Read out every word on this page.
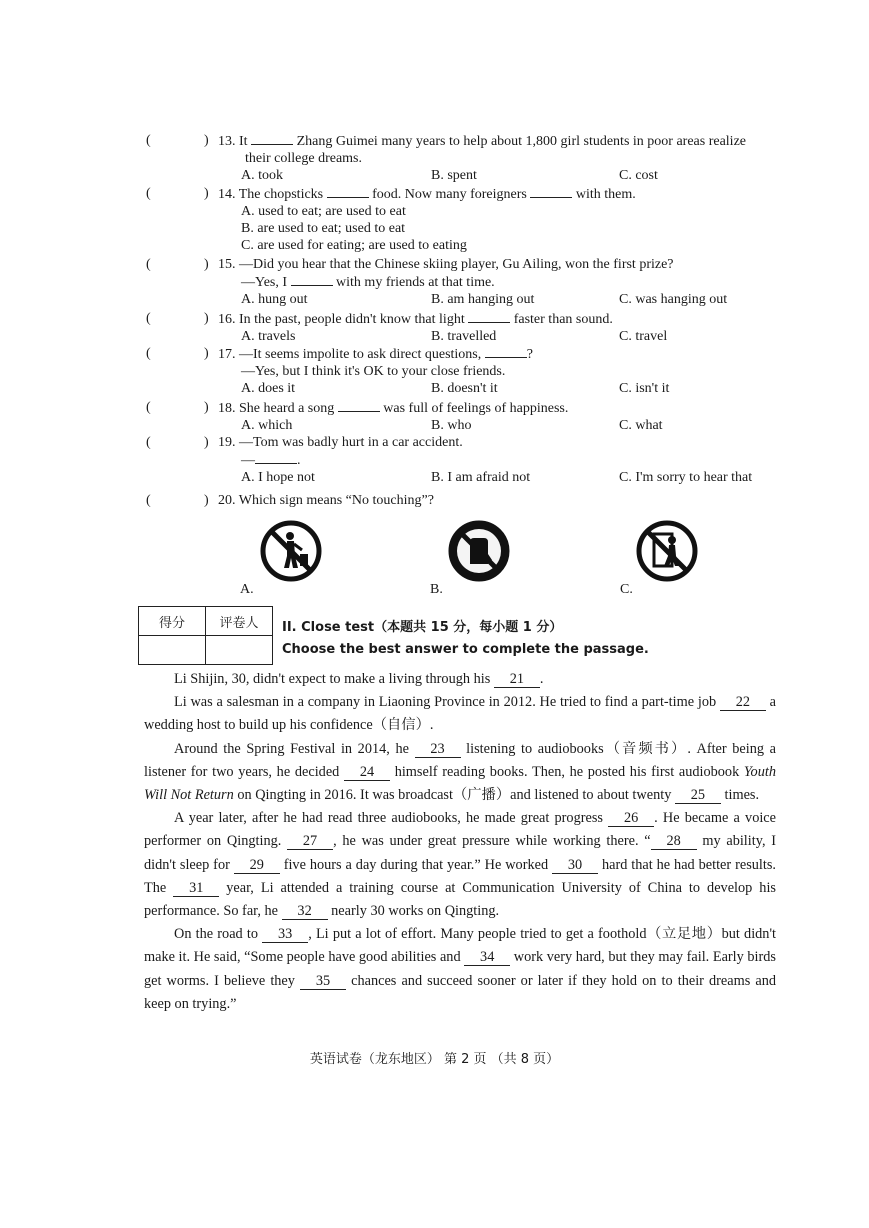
(	) 13. It	Zhang Guimei many years to help about 1,800 girl students in poor areas realize
their college dreams.
A. took	B. spent	C. cost
(	) 14. The chopsticks	food. Now many foreigners	with them.
A. used to eat; are used to eat
B. are used to eat; used to eat
C. are used for eating; are used to eating
(	) 15. —Did you hear that the Chinese skiing player, Gu Ailing, won the first prize?
—Yes, I	with my friends at that time.
A. hung out	B. am hanging out	C. was hanging out
(	) 16. In the past, people didn't know that light	faster than sound.
A. travels	B. travelled	C. travel
(	) 17. —It seems impolite to ask direct questions,	?
—Yes, but I think it's OK to your close friends.
A. does it	B. doesn't it	C. isn't it
(	) 18. She heard a song	was full of feelings of happiness.
A. which	B. who	C. what
(	) 19. —Tom was badly hurt in a car accident.
—	.
A. I hope not	B. I am afraid not	C. I'm sorry to hear that
(	) 20. Which sign means “No touching”?
A.	B.	C.
得分	评卷人
	II. Close test（本题共 15 分，每小题 1 分）
Choose the best answer to complete the passage.

Li Shijin, 30, didn't expect to make a living through his 21 .

Li was a salesman in a company in Liaoning Province in 2012. He tried to find a part-time job 22 a wedding host to build up his confidence（自信）.

Around the Spring Festival in 2014, he 23 listening to audiobooks（音频书）. After being a listener for two years, he decided 24 himself reading books. Then, he posted his first audiobook Youth Will Not Return on Qingting in 2016. It was broadcast（广播）and listened to about twenty 25 times.

A year later, after he had read three audiobooks, he made great progress 26 . He became a voice performer on Qingting. 27 , he was under great pressure while working there. “ 28 my ability, I didn't sleep for 29 five hours a day during that year.” He worked 30 hard that he had better results. The 31 year, Li attended a training course at Communication University of China to develop his performance. So far, he 32 nearly 30 works on Qingting.

On the road to 33 , Li put a lot of effort. Many people tried to get a foothold（立足地）but didn't make it. He said, “Some people have good abilities and 34 work very hard, but they may fail. Early birds get worms. I believe they 35 chances and succeed sooner or later if they hold on to their dreams and keep on trying.”

英语试卷（龙东地区） 第 2 页 （共 8 页）
